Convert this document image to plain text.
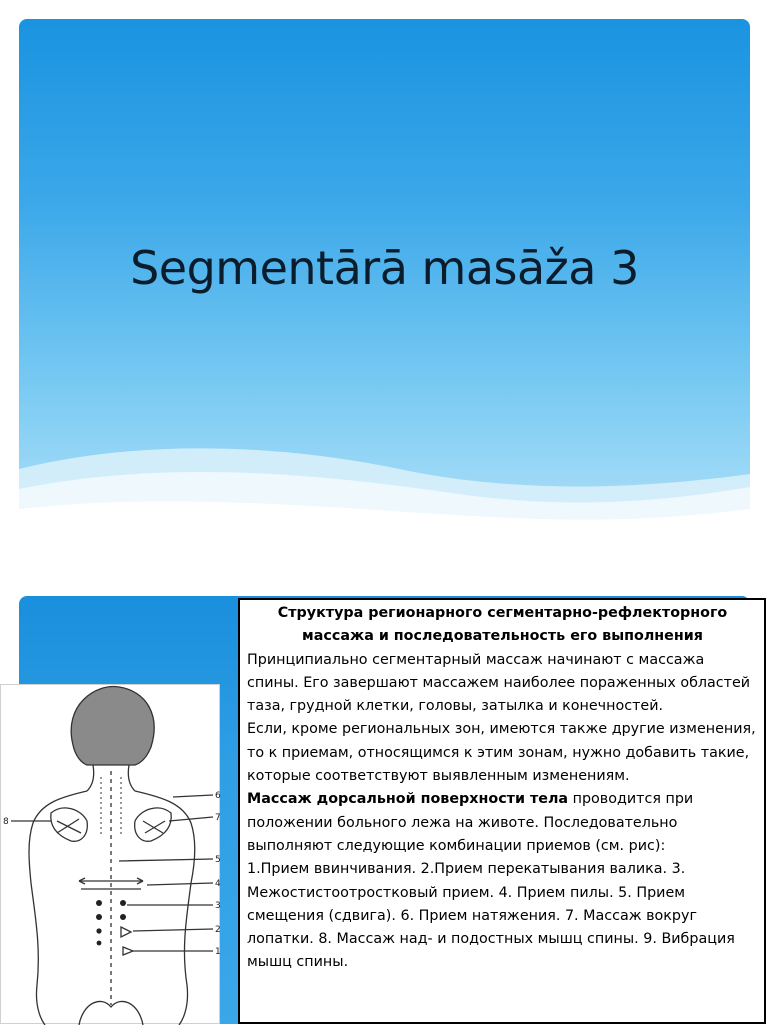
Segmentārā masāža 3
6
7
5
4
3
2
1
8

Структура регионарного сегментарно-рефлекторного массажа и последовательность его выполнения

Принципиально сегментарный массаж начинают с массажа спины. Его завершают массажем наиболее пораженных областей таза, грудной клетки, головы, затылка и конечностей.

Если, кроме региональных зон, имеются также другие изменения, то к приемам, относящимся к этим зонам, нужно добавить такие, которые соответствуют выявленным изменениям.

Массаж дорсальной поверхности тела проводится при положении больного лежа на животе. Последовательно выполняют следующие комбинации приемов (см. рис):

1.Прием ввинчивания. 2.Прием перекатывания валика. 3. Межостистоотростковый прием. 4. Прием пилы. 5. Прием смещения (сдвига). 6. Прием натяжения. 7. Массаж вокруг лопатки. 8. Массаж над- и подостных мышц спины. 9. Вибрация мышц спины.
